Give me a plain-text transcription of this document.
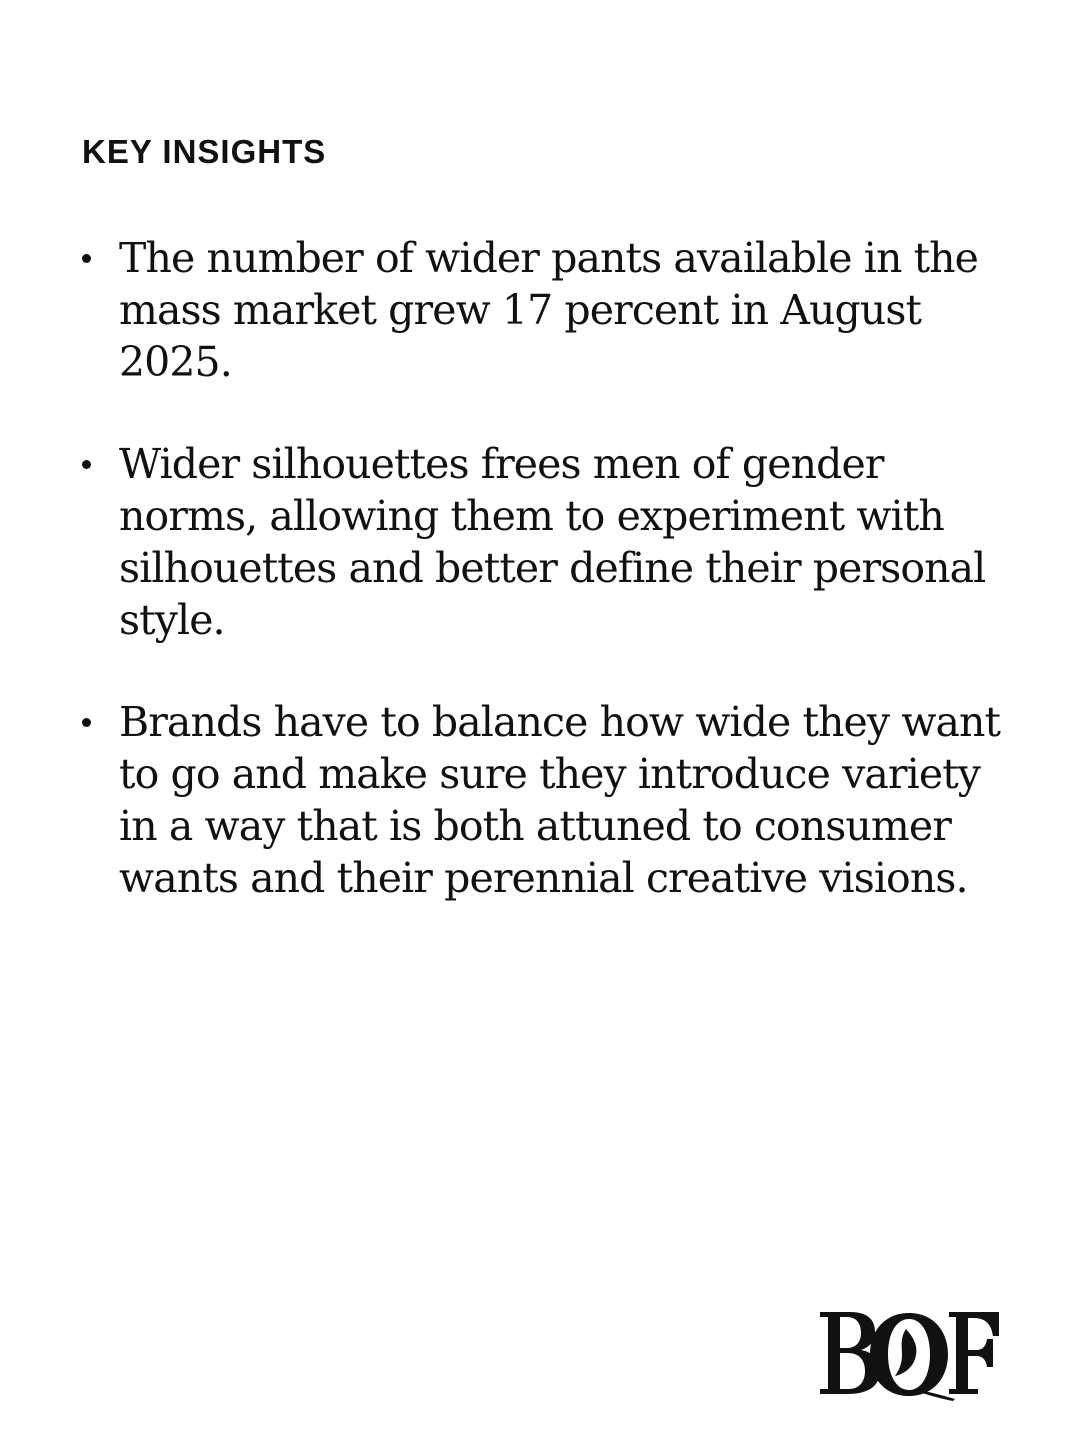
KEY INSIGHTS
The number of wider pants available in the mass market grew 17 percent in August 2025.
Wider silhouettes frees men of gender norms, allowing them to experiment with silhouettes and better define their personal style.
Brands have to balance how wide they want to go and make sure they introduce variety in a way that is both attuned to consumer wants and their perennial creative visions.
